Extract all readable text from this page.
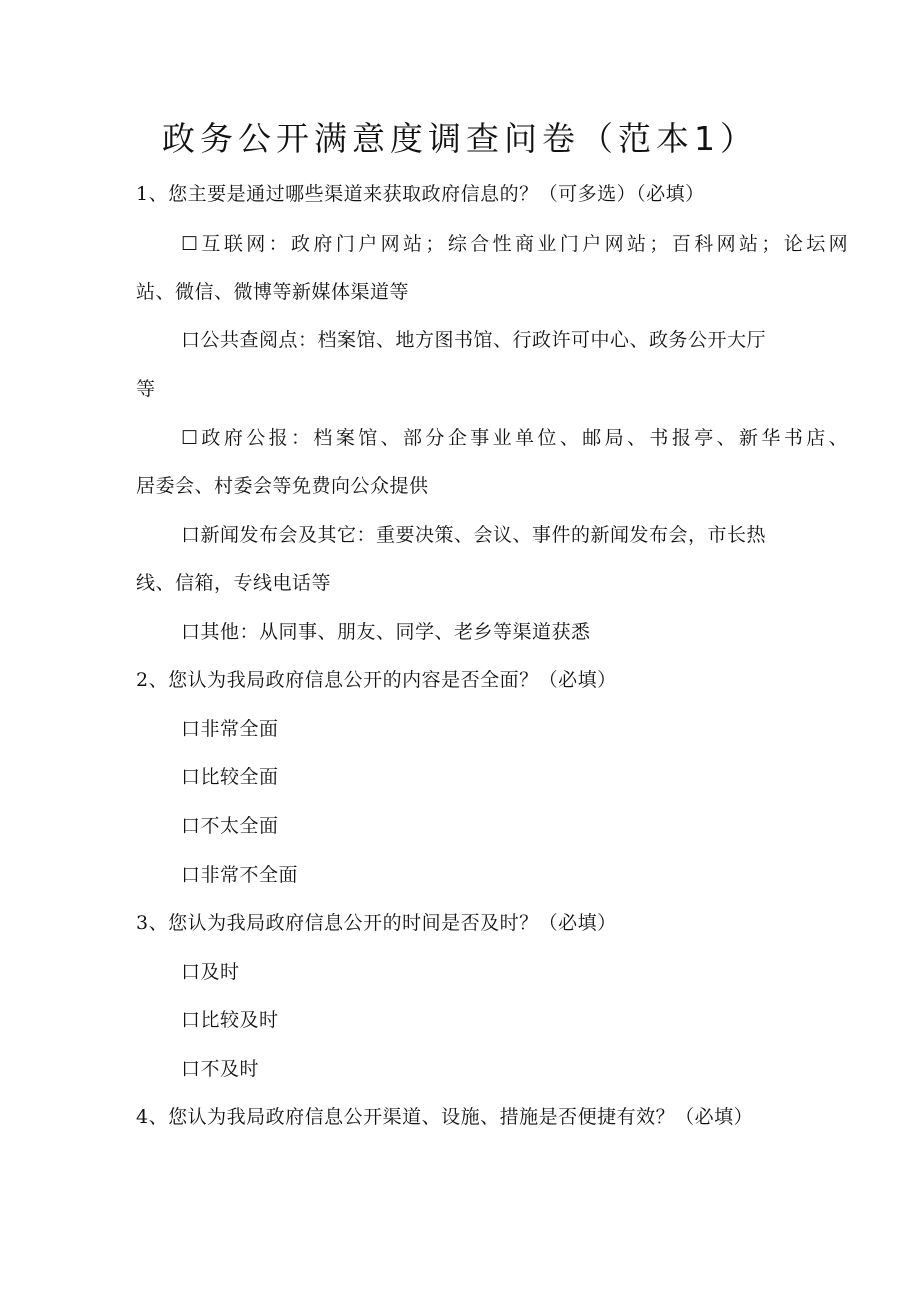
政务公开满意度调查问卷（范本1）
1、您主要是通过哪些渠道来获取政府信息的？（可多选）（必填）
☐互联网：政府门户网站；综合性商业门户网站；百科网站；论坛网
站、微信、微博等新媒体渠道等
口公共查阅点：档案馆、地方图书馆、行政许可中心、政务公开大厅
等
☐政府公报：档案馆、部分企事业单位、邮局、书报亭、新华书店、
居委会、村委会等免费向公众提供
口新闻发布会及其它：重要决策、会议、事件的新闻发布会，市长热
线、信箱，专线电话等
口其他：从同事、朋友、同学、老乡等渠道获悉
2、您认为我局政府信息公开的内容是否全面？（必填）
口非常全面
口比较全面
口不太全面
口非常不全面
3、您认为我局政府信息公开的时间是否及时？（必填）
口及时
口比较及时
口不及时
4、您认为我局政府信息公开渠道、设施、措施是否便捷有效？（必填）
